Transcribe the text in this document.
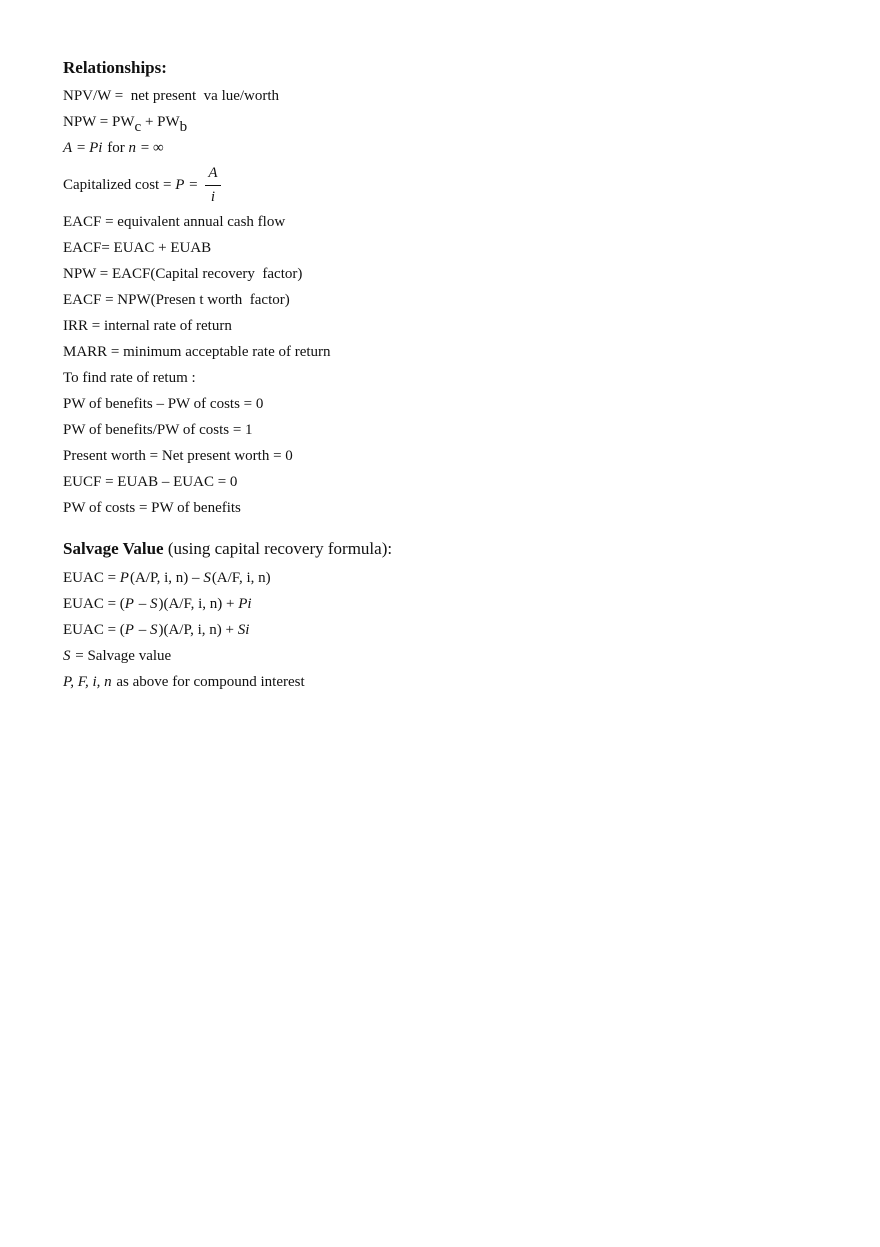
Relationships:
NPV/W =  net present  va lue/worth
NPW = PWc + PWb
A = Pi for n = ∞
Capitalized $\cos t = P = \frac{A}{i}$
EACF = equivalent annual cash flow
EACF= EUAC + EUAB
NPW = EACF(Capital recovery  factor)
EACF = NPW(Presen t worth  factor)
IRR = internal rate of return
MARR = minimum acceptable rate of return
To find rate of retum :
PW of benefits – PW of costs = 0
PW of benefits/PW of costs = 1
Present worth = Net present worth = 0
EUCF = EUAB – EUAC = 0
PW of costs = PW of benefits
Salvage Value (using capital recovery formula):
EUAC = P(A/P, i, n) – S(A/F, i, n)
EUAC = (P – S)(A/F, i, n) + Pi
EUAC = (P – S)(A/P, i, n) + Si
S = Salvage value
P, F, i, n as above for compound interest
